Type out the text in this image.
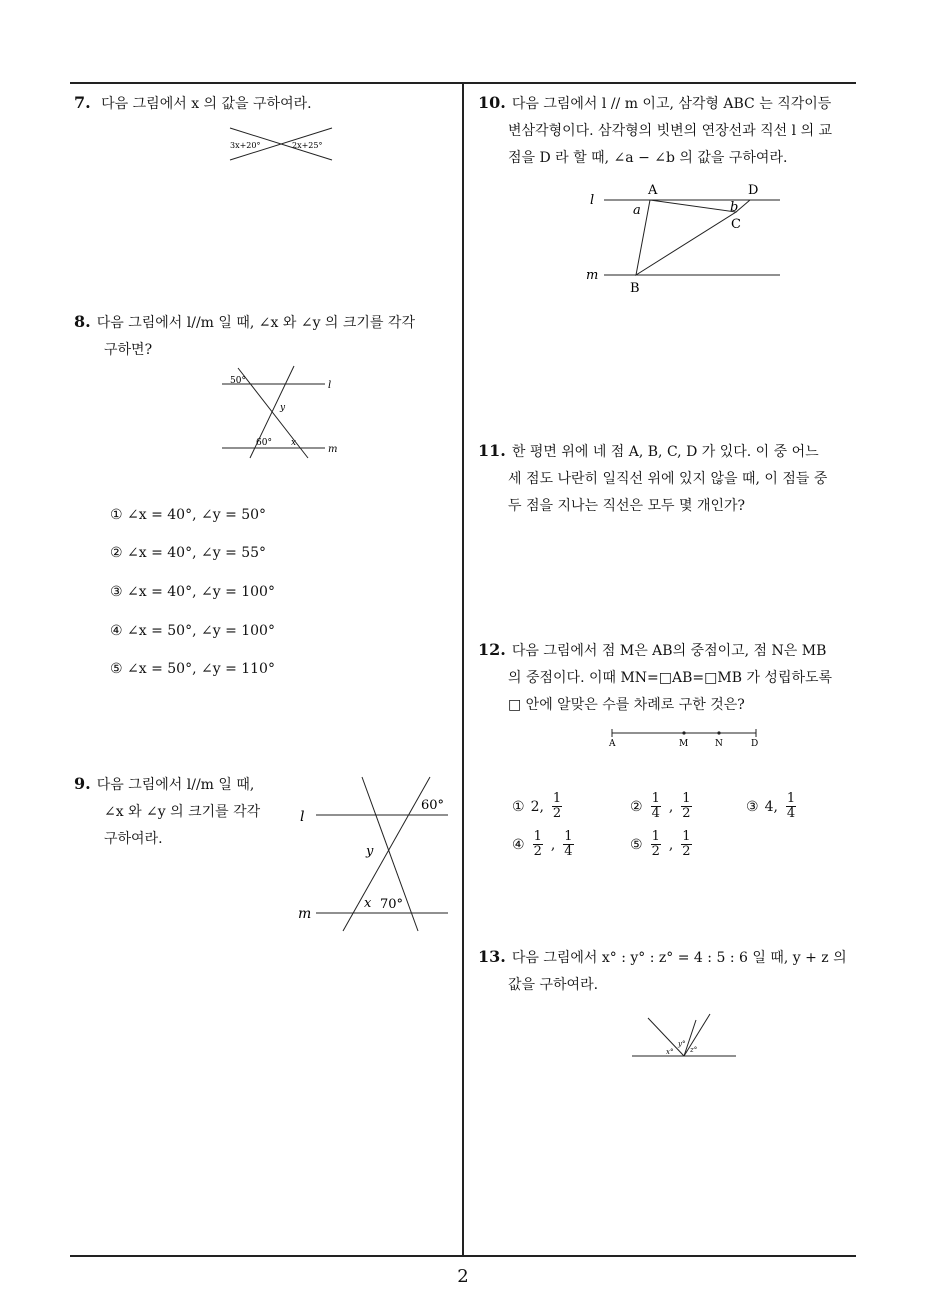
7. 다음 그림에서 x 의 값을 구하여라.
3x+20°	2x+25°
8. 다음 그림에서 l//m 일 때, ∠x 와 ∠y 의 크기를 각각
구하면?
50°	l
y
60° x
m
① ∠x = 40°, ∠y = 50°
② ∠x = 40°, ∠y = 55°
③ ∠x = 40°, ∠y = 100°
④ ∠x = 50°, ∠y = 100°
⑤ ∠x = 50°, ∠y = 110°
9. 다음 그림에서 l//m 일 때,
∠x 와 ∠y 의 크기를 각각
구하여라.
l
60°
y
m
x 70°
10. 다음 그림에서 l // m 이고, 삼각형 ABC 는 직각이등
변삼각형이다. 삼각형의 빗변의 연장선과 직선 l 의 교
점을 D 라 할 때, ∠a − ∠b 의 값을 구하여라.
l
A	D
a	b
C
m
B
11. 한 평면 위에 네 점 A, B, C, D 가 있다. 이 중 어느
세 점도 나란히 일직선 위에 있지 않을 때, 이 점들 중
두 점을 지나는 직선은 모두 몇 개인가?
12. 다음 그림에서 점 M은 AB의 중점이고, 점 N은 MB
의 중점이다. 이때 MN=□AB=□MB 가 성립하도록
□ 안에 알맞은 수를 차례로 구한 것은?
A	M	N	D
① 2, $\frac{1}{2}$	② $\frac{1}{4}$ , $\frac{1}{2}$	③ 4, $\frac{1}{4}$
④ $\frac{1}{2}$ , $\frac{1}{4}$	⑤ $\frac{1}{2}$ , $\frac{1}{2}$
13. 다음 그림에서 x° : y° : z° = 4 : 5 : 6 일 때, y + z 의
값을 구하여라.
x°
y°
z°
2
